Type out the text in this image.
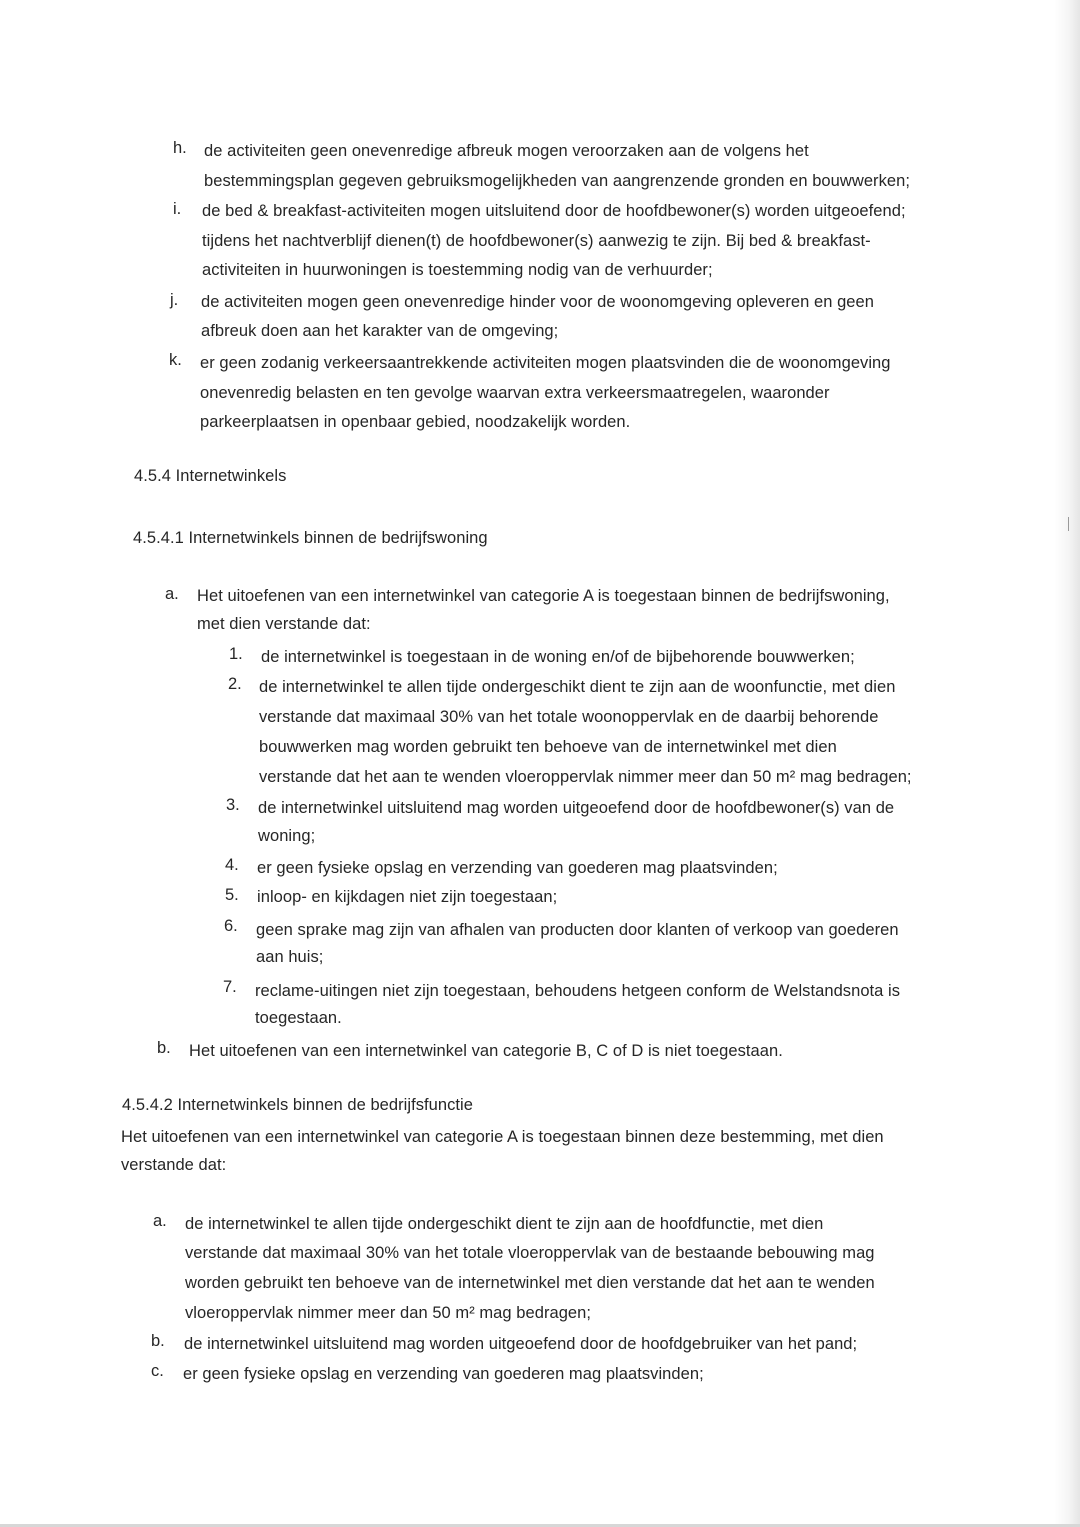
h. de activiteiten geen onevenredige afbreuk mogen veroorzaken aan de volgens het
bestemmingsplan gegeven gebruiksmogelijkheden van aangrenzende gronden en bouwwerken;
i. de bed & breakfast-activiteiten mogen uitsluitend door de hoofdbewoner(s) worden uitgeoefend;
tijdens het nachtverblijf dienen(t) de hoofdbewoner(s) aanwezig te zijn. Bij bed & breakfast-
activiteiten in huurwoningen is toestemming nodig van de verhuurder;
j. de activiteiten mogen geen onevenredige hinder voor de woonomgeving opleveren en geen
afbreuk doen aan het karakter van de omgeving;
k. er geen zodanig verkeersaantrekkende activiteiten mogen plaatsvinden die de woonomgeving
onevenredig belasten en ten gevolge waarvan extra verkeersmaatregelen, waaronder
parkeerplaatsen in openbaar gebied, noodzakelijk worden.
4.5.4 Internetwinkels
4.5.4.1 Internetwinkels binnen de bedrijfswoning
a. Het uitoefenen van een internetwinkel van categorie A is toegestaan binnen de bedrijfswoning,
met dien verstande dat:
1. de internetwinkel is toegestaan in de woning en/of de bijbehorende bouwwerken;
2. de internetwinkel te allen tijde ondergeschikt dient te zijn aan de woonfunctie, met dien
verstande dat maximaal 30% van het totale woonoppervlak en de daarbij behorende
bouwwerken mag worden gebruikt ten behoeve van de internetwinkel met dien
verstande dat het aan te wenden vloeroppervlak nimmer meer dan 50 m² mag bedragen;
3. de internetwinkel uitsluitend mag worden uitgeoefend door de hoofdbewoner(s) van de
woning;
4. er geen fysieke opslag en verzending van goederen mag plaatsvinden;
5. inloop- en kijkdagen niet zijn toegestaan;
6. geen sprake mag zijn van afhalen van producten door klanten of verkoop van goederen
aan huis;
7. reclame-uitingen niet zijn toegestaan, behoudens hetgeen conform de Welstandsnota is
toegestaan.
b. Het uitoefenen van een internetwinkel van categorie B, C of D is niet toegestaan.
4.5.4.2 Internetwinkels binnen de bedrijfsfunctie
Het uitoefenen van een internetwinkel van categorie A is toegestaan binnen deze bestemming, met dien
verstande dat:
a. de internetwinkel te allen tijde ondergeschikt dient te zijn aan de hoofdfunctie, met dien
verstande dat maximaal 30% van het totale vloeroppervlak van de bestaande bebouwing mag
worden gebruikt ten behoeve van de internetwinkel met dien verstande dat het aan te wenden
vloeroppervlak nimmer meer dan 50 m² mag bedragen;
b. de internetwinkel uitsluitend mag worden uitgeoefend door de hoofdgebruiker van het pand;
c. er geen fysieke opslag en verzending van goederen mag plaatsvinden;
